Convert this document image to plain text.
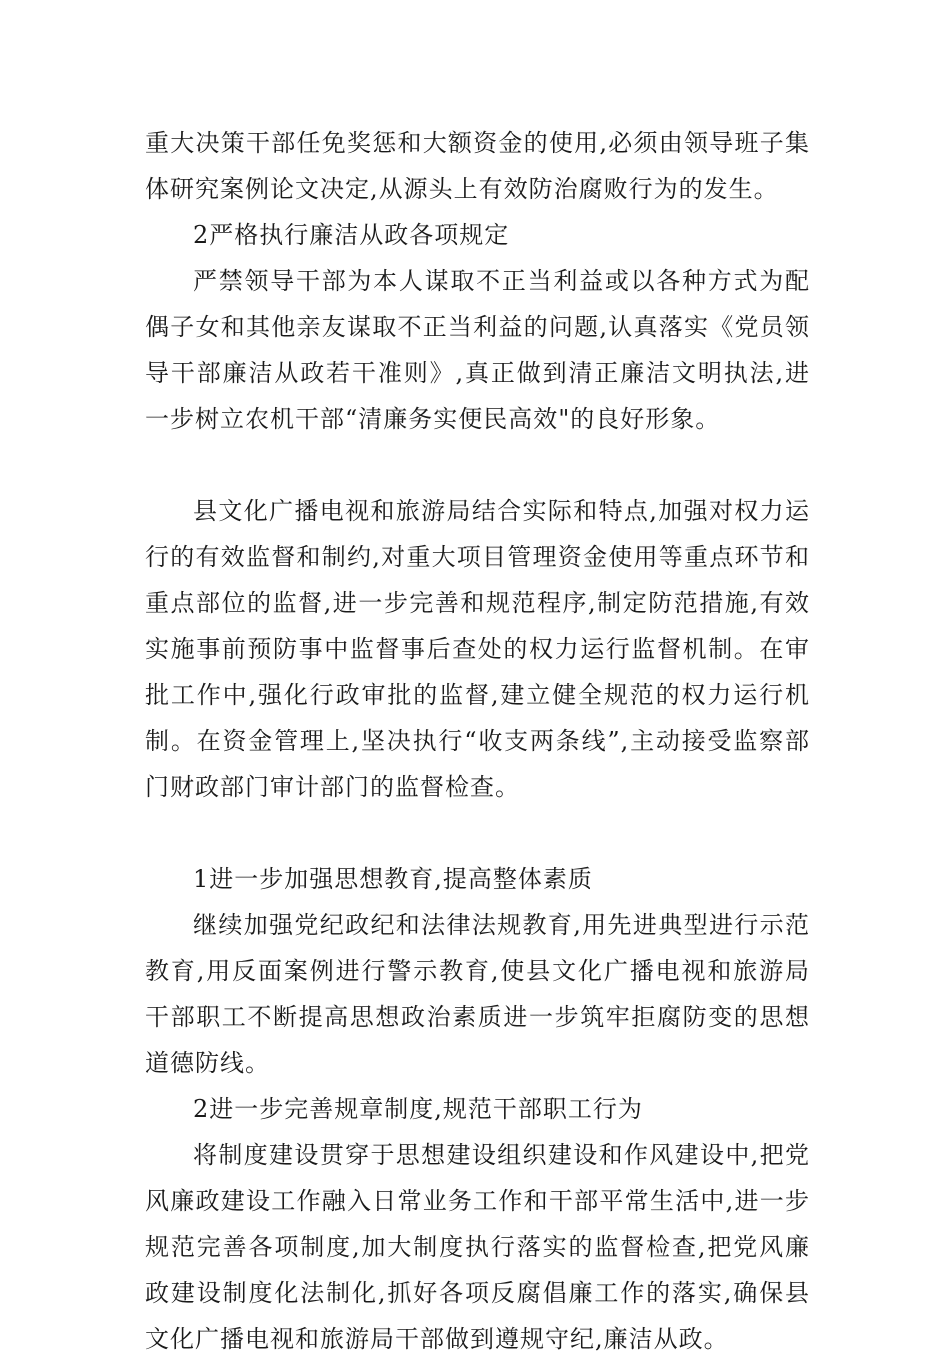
重大决策干部任免奖惩和大额资金的使用,必须由领导班子集体研究案例论文决定,从源头上有效防治腐败行为的发生。

2严格执行廉洁从政各项规定

严禁领导干部为本人谋取不正当利益或以各种方式为配偶子女和其他亲友谋取不正当利益的问题,认真落实《党员领导干部廉洁从政若干准则》,真正做到清正廉洁文明执法,进一步树立农机干部“清廉务实便民高效"的良好形象。

县文化广播电视和旅游局结合实际和特点,加强对权力运行的有效监督和制约,对重大项目管理资金使用等重点环节和重点部位的监督,进一步完善和规范程序,制定防范措施,有效实施事前预防事中监督事后查处的权力运行监督机制。在审批工作中,强化行政审批的监督,建立健全规范的权力运行机制。在资金管理上,坚决执行“收支两条线”,主动接受监察部门财政部门审计部门的监督检查。

1进一步加强思想教育,提高整体素质

继续加强党纪政纪和法律法规教育,用先进典型进行示范教育,用反面案例进行警示教育,使县文化广播电视和旅游局干部职工不断提高思想政治素质进一步筑牢拒腐防变的思想道德防线。

2进一步完善规章制度,规范干部职工行为

将制度建设贯穿于思想建设组织建设和作风建设中,把党风廉政建设工作融入日常业务工作和干部平常生活中,进一步规范完善各项制度,加大制度执行落实的监督检查,把党风廉政建设制度化法制化,抓好各项反腐倡廉工作的落实,确保县文化广播电视和旅游局干部做到遵规守纪,廉洁从政。
